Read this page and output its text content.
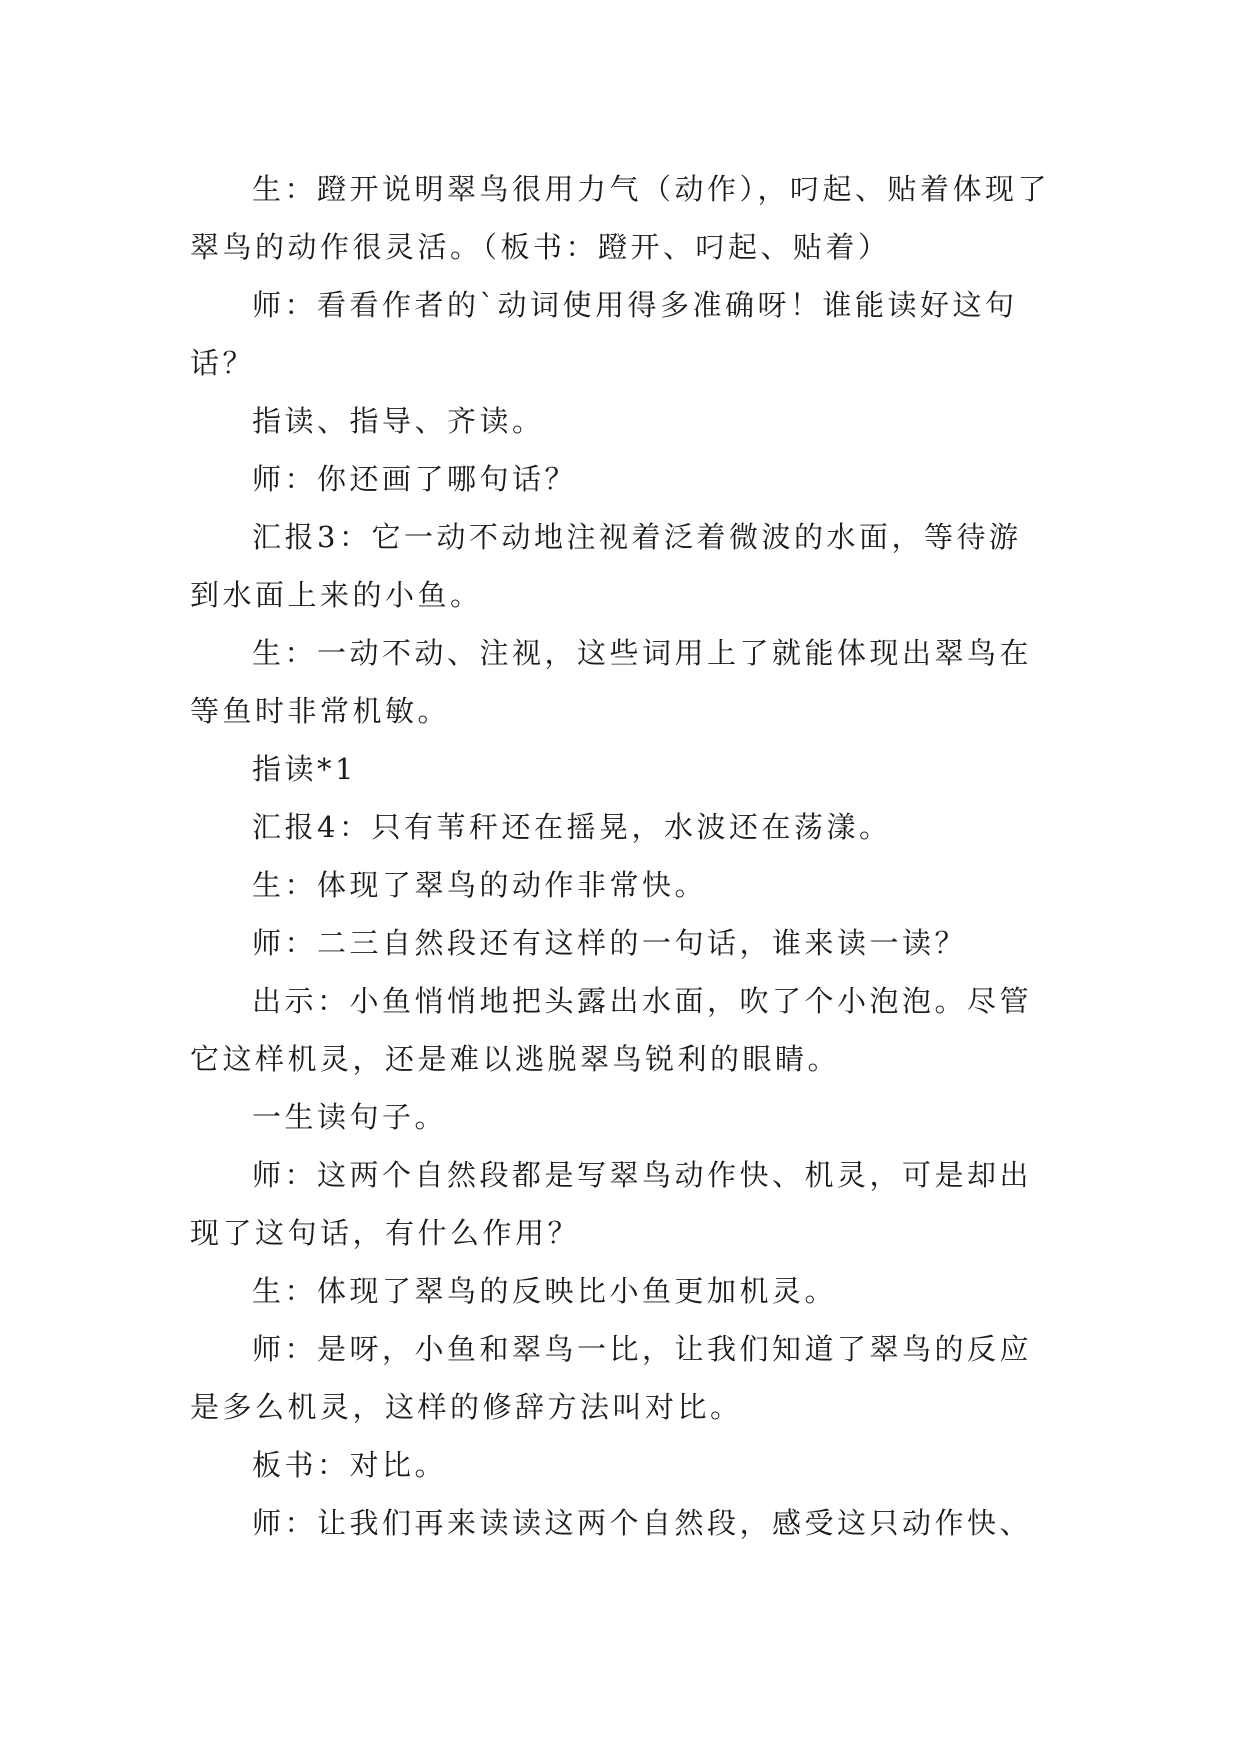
生：蹬开说明翠鸟很用力气（动作），叼起、贴着体现了翠鸟的动作很灵活。（板书：蹬开、叼起、贴着）

师：看看作者的`动词使用得多准确呀！谁能读好这句话？

指读、指导、齐读。

师：你还画了哪句话？

汇报3：它一动不动地注视着泛着微波的水面，等待游到水面上来的小鱼。

生：一动不动、注视，这些词用上了就能体现出翠鸟在等鱼时非常机敏。

指读*1

汇报4：只有苇秆还在摇晃，水波还在荡漾。

生：体现了翠鸟的动作非常快。

师：二三自然段还有这样的一句话，谁来读一读？

出示：小鱼悄悄地把头露出水面，吹了个小泡泡。尽管它这样机灵，还是难以逃脱翠鸟锐利的眼睛。

一生读句子。

师：这两个自然段都是写翠鸟动作快、机灵，可是却出现了这句话，有什么作用？

生：体现了翠鸟的反映比小鱼更加机灵。

师：是呀，小鱼和翠鸟一比，让我们知道了翠鸟的反应是多么机灵，这样的修辞方法叫对比。

板书：对比。

师：让我们再来读读这两个自然段，感受这只动作快、
